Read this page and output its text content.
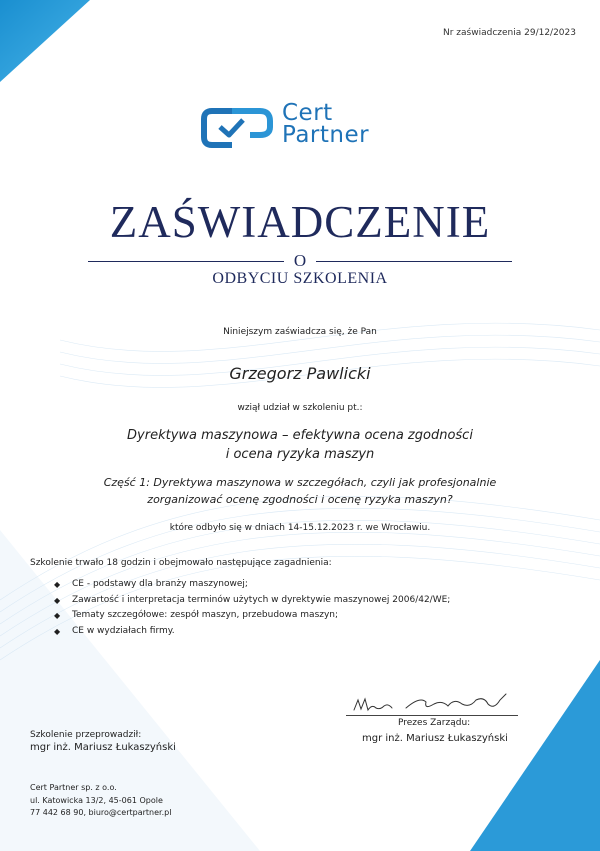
Nr zaświadczenia 29/12/2023
Cert
Partner
ZAŚWIADCZENIE
O
ODBYCIU SZKOLENIA
Niniejszym zaświadcza się, że Pan
Grzegorz Pawlicki
wziął udział w szkoleniu pt.:
Dyrektywa maszynowa – efektywna ocena zgodności
i ocena ryzyka maszyn
Część 1: Dyrektywa maszynowa w szczegółach, czyli jak profesjonalnie
zorganizować ocenę zgodności i ocenę ryzyka maszyn?
które odbyło się w dniach 14-15.12.2023 r. we Wrocławiu.
Szkolenie trwało 18 godzin i obejmowało następujące zagadnienia:
◆ CE - podstawy dla branży maszynowej;
◆ Zawartość i interpretacja terminów użytych w dyrektywie maszynowej 2006/42/WE;
◆ Tematy szczegółowe: zespół maszyn, przebudowa maszyn;
◆ CE w wydziałach firmy.
Szkolenie przeprowadził:
mgr inż. Mariusz Łukaszyński
Prezes Zarządu:
mgr inż. Mariusz Łukaszyński
Cert Partner sp. z o.o.
ul. Katowicka 13/2, 45-061 Opole
77 442 68 90, biuro@certpartner.pl
